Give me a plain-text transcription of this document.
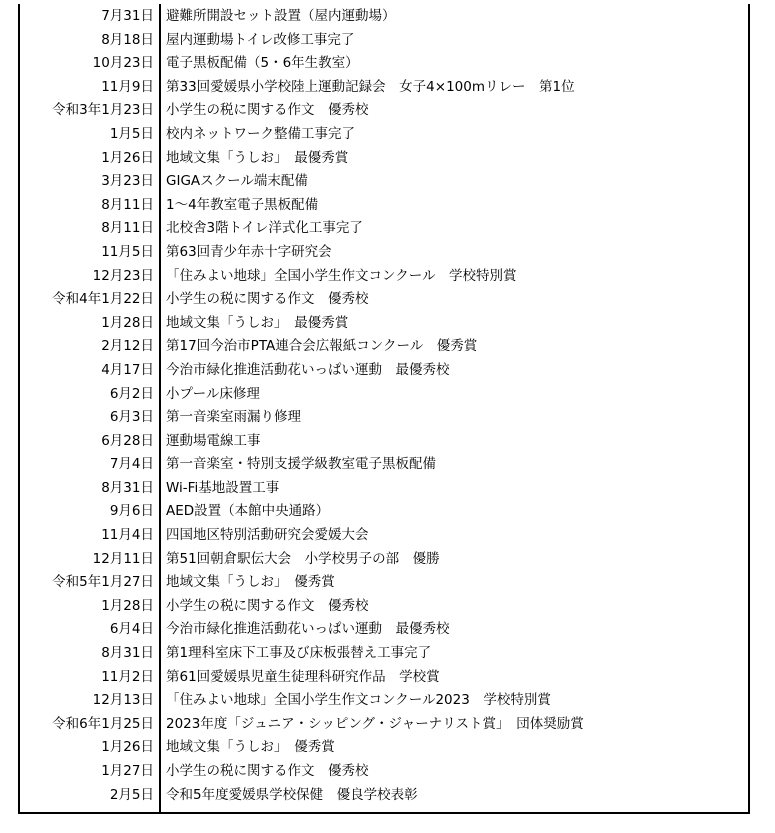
7月31日 避難所開設セット設置（屋内運動場）
8月18日 屋内運動場トイレ改修工事完了
10月23日 電子黒板配備（5・6年生教室）
11月9日 第33回愛媛県小学校陸上運動記録会　女子4×100mリレー　第1位
令和3年1月23日 小学生の税に関する作文　優秀校
1月5日 校内ネットワーク整備工事完了
1月26日 地域文集「うしお」　最優秀賞
3月23日 GIGAスクール端末配備
8月11日 1～4年教室電子黒板配備
8月11日 北校舎3階トイレ洋式化工事完了
11月5日 第63回青少年赤十字研究会
12月23日 「住みよい地球」全国小学生作文コンクール　学校特別賞
令和4年1月22日 小学生の税に関する作文　優秀校
1月28日 地域文集「うしお」　最優秀賞
2月12日 第17回今治市PTA連合会広報紙コンクール　優秀賞
4月17日 今治市緑化推進活動花いっぱい運動　最優秀校
6月2日 小プール床修理
6月3日 第一音楽室雨漏り修理
6月28日 運動場電線工事
7月4日 第一音楽室・特別支援学級教室電子黒板配備
8月31日 Wi-Fi基地設置工事
9月6日 AED設置（本館中央通路）
11月4日 四国地区特別活動研究会愛媛大会
12月11日 第51回朝倉駅伝大会　小学校男子の部　優勝
令和5年1月27日 地域文集「うしお」　優秀賞
1月28日 小学生の税に関する作文　優秀校
6月4日 今治市緑化推進活動花いっぱい運動　最優秀校
8月31日 第1理科室床下工事及び床板張替え工事完了
11月2日 第61回愛媛県児童生徒理科研究作品　学校賞
12月13日 「住みよい地球」全国小学生作文コンクール2023　学校特別賞
令和6年1月25日 2023年度「ジュニア・シッピング・ジャーナリスト賞」　団体奨励賞
1月26日 地域文集「うしお」　優秀賞
1月27日 小学生の税に関する作文　優秀校
2月5日 令和5年度愛媛県学校保健　優良学校表彰
